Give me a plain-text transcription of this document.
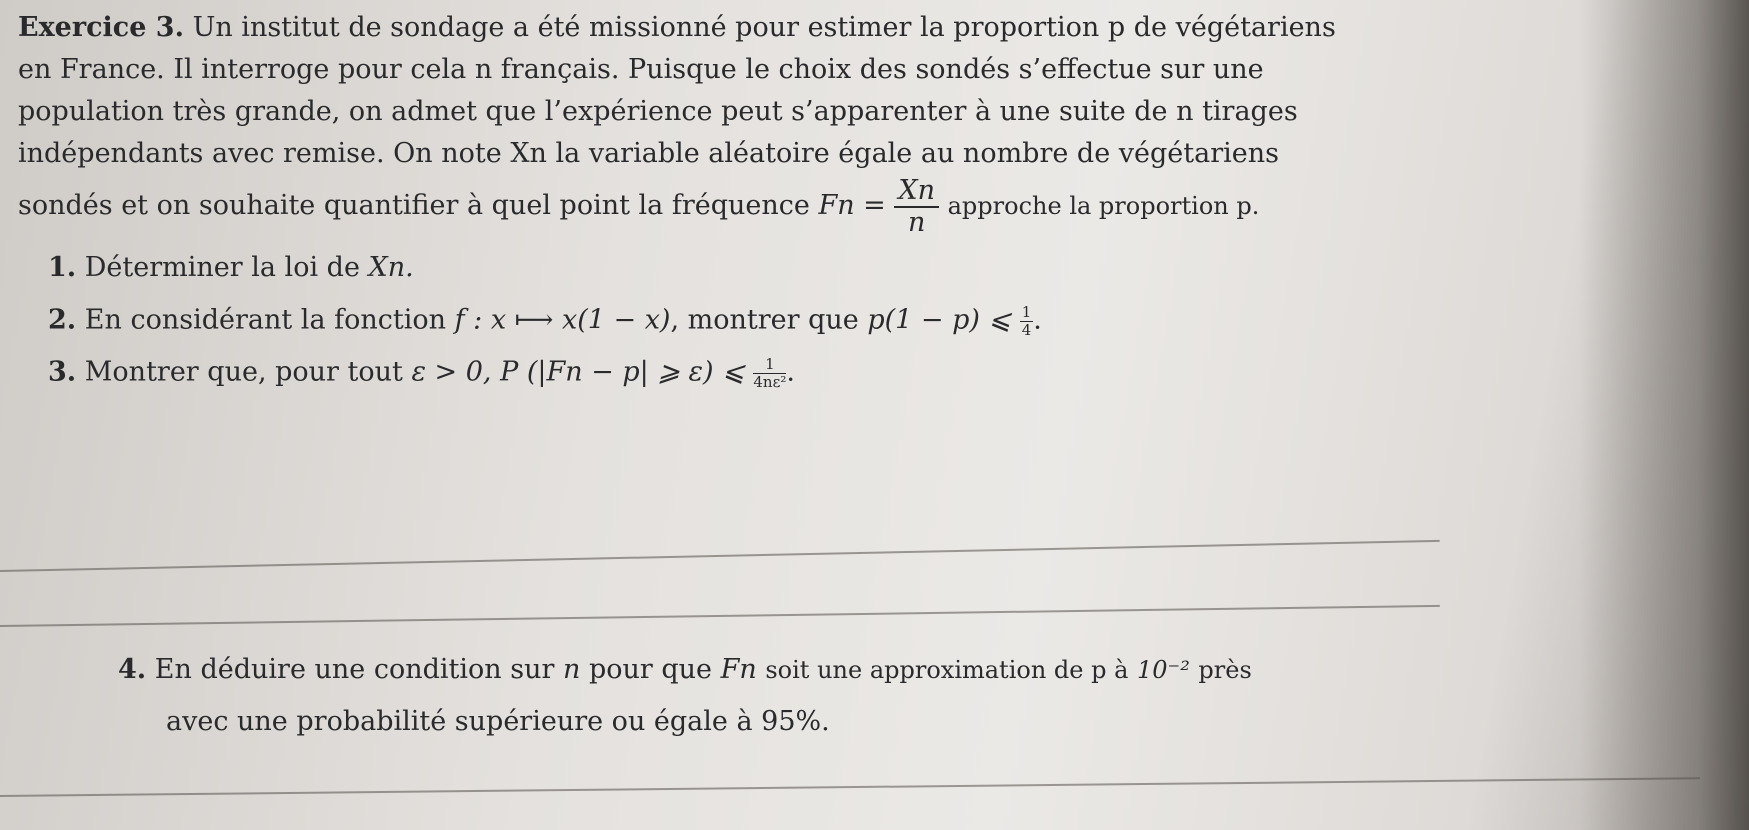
Exercice 3. Un institut de sondage a été missionné pour estimer la proportion p de végétariens
en France. Il interroge pour cela n français. Puisque le choix des sondés s’effectue sur une
population très grande, on admet que l’expérience peut s’apparenter à une suite de n tirages
indépendants avec remise. On note Xn la variable aléatoire égale au nombre de végétariens
sondés et on souhaite quantifier à quel point la fréquence $Fn = \frac{Xn}{n}$ approche la proportion p.
1. Déterminer la loi de Xn.
2. En considérant la fonction f : x ⟼ x(1 − x), montrer que p(1 − p) ⩽ $\frac{1}{4}$ .
3. Montrer que, pour tout ε > 0, P (|Fn − p| ⩾ ε) ⩽ $\frac{1}{\text{4nε²}}$ .
4. En déduire une condition sur n pour que Fn soit une approximation de p à 10⁻² près
avec une probabilité supérieure ou égale à 95%.
